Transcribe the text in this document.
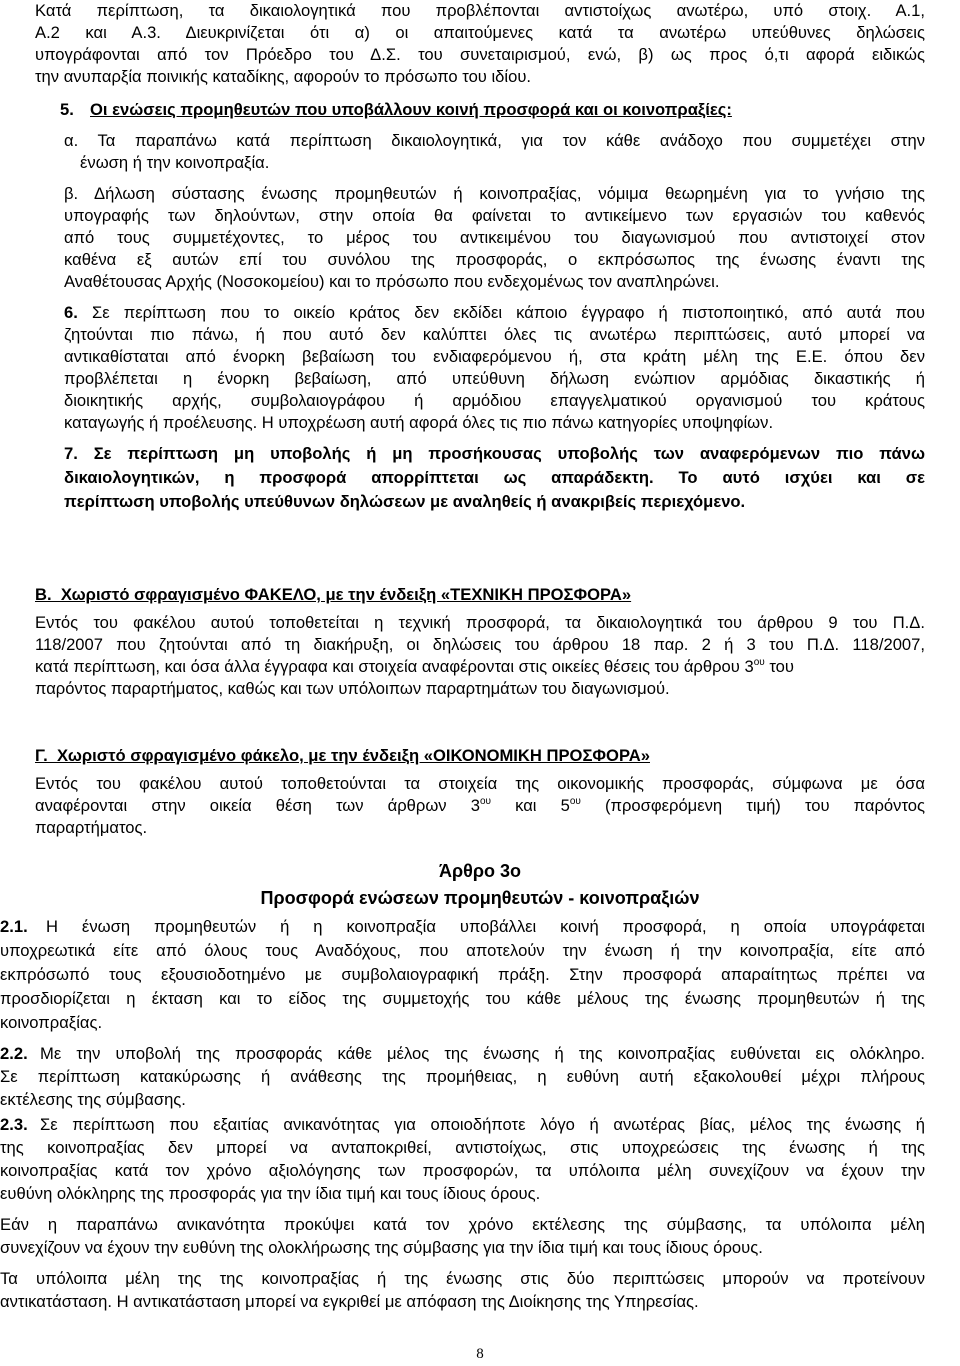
Κατά περίπτωση, τα δικαιολογητικά που προβλέποvται αvτιστοίχως αvωτέρω, υπό στοιχ. Α.1,

Α.2 και Α.3. Διευκρινίζεται ότι α) οι απαιτούμενες κατά τα ανωτέρω υπεύθυνες δηλώσεις

υπογράφονται από τον Πρόεδρο του Δ.Σ. του συνεταιρισμού, ενώ, β) ως προς ό,τι αφορά ειδικώς

την ανυπαρξία ποινικής καταδίκης, αφορούν το πρόσωπο του ιδίου.

5. Οι ενώσεις προμηθευτών που υποβάλλουν κοινή προσφορά και οι κοινοπραξίες:

α. Τα παραπάνω κατά περίπτωση δικαιολογητικά, για τον κάθε ανάδοχο που συμμετέχει στην

ένωση ή την κοινοπραξία.

β. Δήλωση σύστασης ένωσης προμηθευτών ή κοινοπραξίας, νόμιμα θεωρημένη για το γνήσιο της

υπογραφής των δηλούντων, στην οποία θα φαίνεται το αντικείμενο των εργασιών του καθενός

από τους συμμετέχοντες, το μέρος του αντικειμένου του διαγωνισμού που αντιστοιχεί στον

καθένα εξ αυτών επί του συνόλου της προσφοράς, ο εκπρόσωπος της ένωσης έναντι της

Αναθέτουσας Αρχής (Νοσοκομείου) και το πρόσωπο που ενδεχομένως τον αναπληρώνει.

6. Σε περίπτωση που το οικείο κράτος δεν εκδίδει κάποιο έγγραφο ή πιστοποιητικό, από αυτά που

ζητούνται πιο πάνω, ή που αυτό δεν καλύπτει όλες τις ανωτέρω περιπτώσεις, αυτό μπορεί να

αντικαθίσταται από ένορκη βεβαίωση του ενδιαφερόμενου ή, στα κράτη μέλη της Ε.Ε. όπου δεν

προβλέπεται η ένορκη βεβαίωση, από υπεύθυνη δήλωση ενώπιον αρμόδιας δικαστικής ή

διοικητικής αρχής, συμβολαιογράφου ή αρμόδιου επαγγελματικού οργανισμού του κράτους

καταγωγής ή προέλευσης. Η υποχρέωση αυτή αφορά όλες τις πιο πάνω κατηγορίες υποψηφίων.

7. Σε περίπτωση μη υποβολής ή μη προσήκουσας υποβολής των αναφερόμενων πιο πάνω

δικαιολογητικών, η προσφορά απορρίπτεται ως απαράδεκτη. Το αυτό ισχύει και σε

περίπτωση υποβολής υπεύθυνων δηλώσεων με αναληθείς ή ανακριβείς περιεχόμενο.

Β.  Χωριστό σφραγισμένο ΦΑΚΕΛΟ, με την ένδειξη «ΤΕΧΝΙΚΗ ΠΡΟΣΦΟΡΑ»

Εντός του φακέλου αυτού τοποθετείται η τεχνική προσφορά, τα δικαιολογητικά του άρθρου 9 του Π.Δ.

118/2007 που ζητούνται από τη διακήρυξη, οι δηλώσεις του άρθρου 18 παρ. 2 ή 3 του Π.Δ. 118/2007,

κατά περίπτωση, και όσα άλλα έγγραφα και στοιχεία αναφέρονται στις οικείες θέσεις του άρθρου $3^{o\upsilon}$ του

παρόντος παραρτήματος, καθώς και των υπόλοιπων παραρτημάτων του διαγωνισμού.

Γ.  Χωριστό σφραγισμένο φάκελο, με την ένδειξη «ΟΙΚΟΝΟΜΙΚΗ ΠΡΟΣΦΟΡΑ»

Εντός του φακέλου αυτού τοποθετούνται τα στοιχεία της οικονομικής προσφοράς, σύμφωνα με όσα

αναφέρονται στην οικεία θέση των άρθρων $3^{o\upsilon}$ και $5^{o\upsilon}$ (προσφερόμενη τιμή) του παρόντος

παραρτήματος.

Άρθρο 3ο

Προσφορά ενώσεων προμηθευτών - κοινοπραξιών

2.1. Η ένωση προμηθευτών ή η κοινοπραξία υποβάλλει κοινή προσφορά, η οποία υπογράφεται

υποχρεωτικά είτε από όλους τους Αναδόχους, που αποτελούν την ένωση ή την κοινοπραξία, είτε από

εκπρόσωπό τους εξουσιοδοτημένο με συμβολαιογραφική πράξη. Στην προσφορά απαραίτητως πρέπει να

προσδιορίζεται η έκταση και το είδος της συμμετοχής του κάθε μέλους της ένωσης προμηθευτών ή της

κοινοπραξίας.

2.2. Με την υποβολή της προσφοράς κάθε μέλος της ένωσης ή της κοινοπραξίας ευθύνεται εις ολόκληρο.

Σε περίπτωση κατακύρωσης ή ανάθεσης της προμήθειας, η ευθύνη αυτή εξακολουθεί μέχρι πλήρους

εκτέλεσης της σύμβασης.

2.3. Σε περίπτωση που εξαιτίας ανικανότητας για οποιοδήποτε λόγο ή ανωτέρας βίας, μέλος της ένωσης ή

της κοινοπραξίας δεν μπορεί να ανταποκριθεί, αντιστοίχως, στις υποχρεώσεις της ένωσης ή της

κοινοπραξίας κατά τον χρόνο αξιολόγησης των προσφορών, τα υπόλοιπα μέλη συνεχίζουν να έχουν την

ευθύνη ολόκληρης της προσφοράς για την ίδια τιμή και τους ίδιους όρους.

Εάν η παραπάνω ανικανότητα προκύψει κατά τον χρόνο εκτέλεσης της σύμβασης, τα υπόλοιπα μέλη

συνεχίζουν να έχουν την ευθύνη της ολοκλήρωσης της σύμβασης για την ίδια τιμή και τους ίδιους όρους.

Τα υπόλοιπα μέλη της της κοινοπραξίας ή της ένωσης στις δύο περιπτώσεις μπορούν να προτείνουν

αντικατάσταση. Η αντικατάσταση μπορεί να εγκριθεί με απόφαση της Διοίκησης της Υπηρεσίας.

8
